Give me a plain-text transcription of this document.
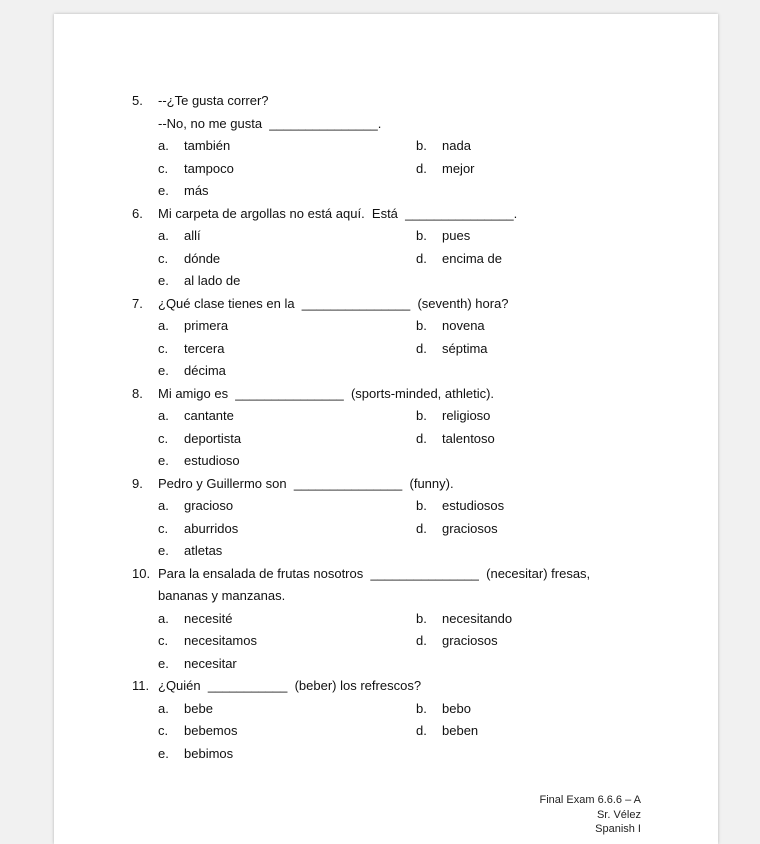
5. --¿Te gusta correr?
--No, no me gusta  _______________.
a. también	b. nada
c. tampoco	d. mejor
e. más
6. Mi carpeta de argollas no está aquí.  Está  _______________.
a. allí	b. pues
c. dónde	d. encima de
e. al lado de
7. ¿Qué clase tienes en la  _______________  (seventh) hora?
a. primera	b. novena
c. tercera	d. séptima
e. décima
8. Mi amigo es  _______________  (sports-minded, athletic).
a. cantante	b. religioso
c. deportista	d. talentoso
e. estudioso
9. Pedro y Guillermo son  _______________  (funny).
a. gracioso	b. estudiosos
c. aburridos	d. graciosos
e. atletas
10. Para la ensalada de frutas nosotros  _______________  (necesitar) fresas,
bananas y manzanas.
a. necesité	b. necesitando
c. necesitamos	d. graciosos
e. necesitar
11. ¿Quién  ___________  (beber) los refrescos?
a. bebe	b. bebo
c. bebemos	d. beben
e. bebimos
Final Exam 6.6.6 – A
Sr. Vélez
Spanish I
